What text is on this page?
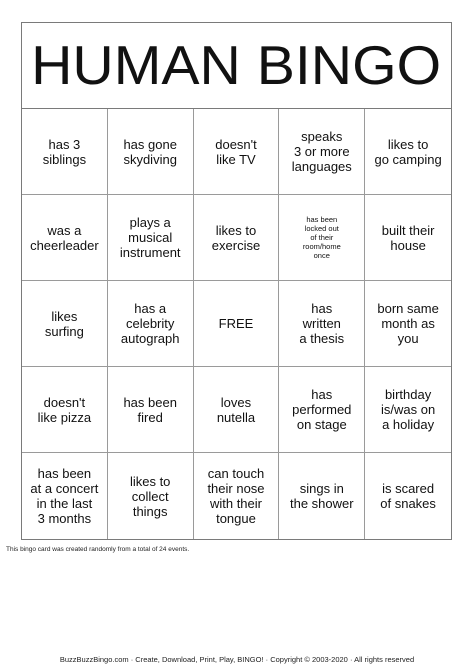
HUMAN BINGO
has 3
siblings
has gone
skydiving
doesn't
like TV
speaks
3 or more
languages
likes to
go camping
was a
cheerleader
plays a
musical
instrument
likes to
exercise
has been
locked out
of their
room/home
once
built their
house
likes
surfing
has a
celebrity
autograph
FREE
has
written
a thesis
born same
month as
you
doesn't
like pizza
has been
fired
loves
nutella
has
performed
on stage
birthday
is/was on
a holiday
has been
at a concert
in the last
3 months
likes to
collect
things
can touch
their nose
with their
tongue
sings in
the shower
is scared
of snakes
This bingo card was created randomly from a total of 24 events.
BuzzBuzzBingo.com · Create, Download, Print, Play, BINGO! · Copyright © 2003-2020 · All rights reserved
